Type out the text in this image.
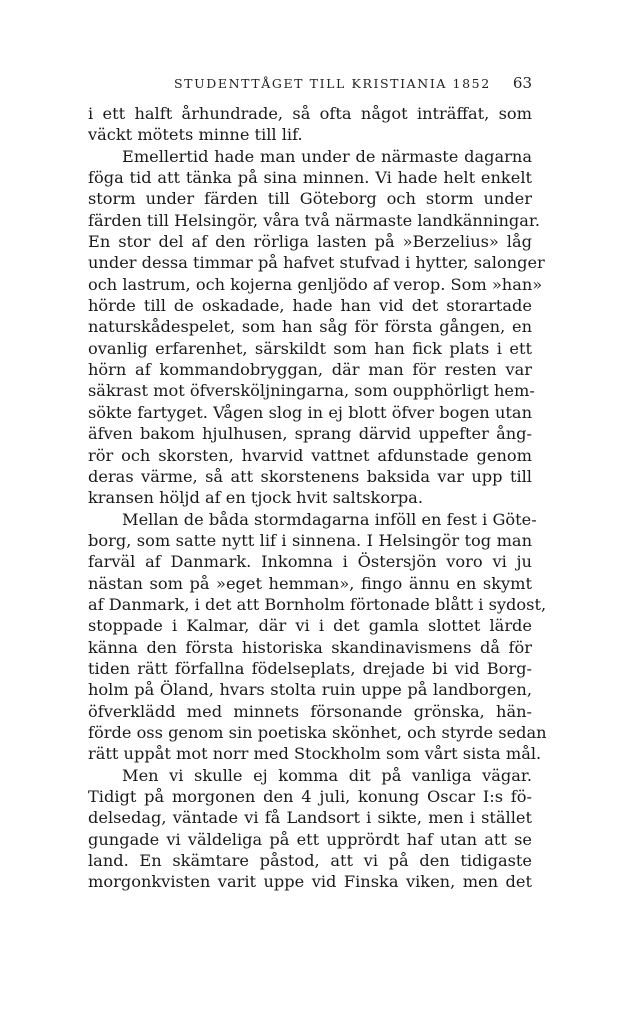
STUDENTTÅGET TILL KRISTIANIA 1852 63
i ett halft århundrade, så ofta något inträffat, som
väckt mötets minne till lif.
Emellertid hade man under de närmaste dagarna
föga tid att tänka på sina minnen. Vi hade helt enkelt
storm under färden till Göteborg och storm under
färden till Helsingör, våra två närmaste landkänningar.
En stor del af den rörliga lasten på »Berzelius» låg
under dessa timmar på hafvet stufvad i hytter, salonger
och lastrum, och kojerna genljödo af verop. Som »han»
hörde till de oskadade, hade han vid det storartade
naturskådespelet, som han såg för första gången, en
ovanlig erfarenhet, särskildt som han fick plats i ett
hörn af kommandobryggan, där man för resten var
säkrast mot öfversköljningarna, som oupphörligt hem-
sökte fartyget. Vågen slog in ej blott öfver bogen utan
äfven bakom hjulhusen, sprang därvid uppefter ång-
rör och skorsten, hvarvid vattnet afdunstade genom
deras värme, så att skorstenens baksida var upp till
kransen höljd af en tjock hvit saltskorpa.
Mellan de båda stormdagarna inföll en fest i Göte-
borg, som satte nytt lif i sinnena. I Helsingör tog man
farväl af Danmark. Inkomna i Östersjön voro vi ju
nästan som på »eget hemman», fingo ännu en skymt
af Danmark, i det att Bornholm förtonade blått i sydost,
stoppade i Kalmar, där vi i det gamla slottet lärde
känna den första historiska skandinavismens då för
tiden rätt förfallna födelseplats, drejade bi vid Borg-
holm på Öland, hvars stolta ruin uppe på landborgen,
öfverklädd med minnets försonande grönska, hän-
förde oss genom sin poetiska skönhet, och styrde sedan
rätt uppåt mot norr med Stockholm som vårt sista mål.
Men vi skulle ej komma dit på vanliga vägar.
Tidigt på morgonen den 4 juli, konung Oscar I:s fö-
delsedag, väntade vi få Landsort i sikte, men i stället
gungade vi väldeliga på ett upprördt haf utan att se
land. En skämtare påstod, att vi på den tidigaste
morgonkvisten varit uppe vid Finska viken, men det
